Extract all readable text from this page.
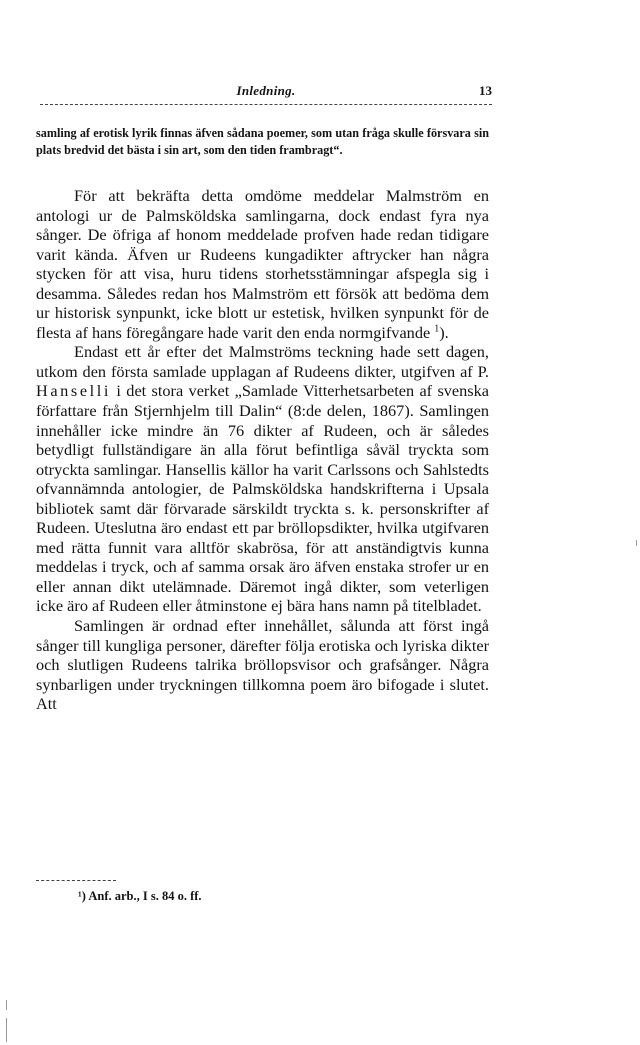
Inledning.	13

samling af erotisk lyrik finnas äfven sådana poemer, som utan fråga skulle försvara sin plats bredvid det bästa i sin art, som den tiden frambragt“.

För att bekräfta detta omdöme meddelar Malmström en antologi ur de Palmsköldska samlingarna, dock endast fyra nya sånger. De öfriga af honom meddelade profven hade redan tidigare varit kända. Äfven ur Rudeens kungadikter aftrycker han några stycken för att visa, huru tidens storhetsstämningar afspegla sig i desamma. Således redan hos Malmström ett försök att bedöma dem ur historisk synpunkt, icke blott ur estetisk, hvilken synpunkt för de flesta af hans föregångare hade varit den enda normgifvande $^1$).

Endast ett år efter det Malmströms teckning hade sett dagen, utkom den första samlade upplagan af Rudeens dikter, utgifven af P. Hanselli i det stora verket „Samlade Vitterhetsarbeten af svenska författare från Stjernhjelm till Dalin“ (8:de delen, 1867). Samlingen innehåller icke mindre än 76 dikter af Rudeen, och är således betydligt fullständigare än alla förut befintliga såväl tryckta som otryckta samlingar. Hansellis källor ha varit Carlssons och Sahlstedts ofvannämnda antologier, de Palmsköldska handskrifterna i Upsala bibliotek samt där förvarade särskildt tryckta s. k. personskrifter af Rudeen. Uteslutna äro endast ett par bröllopsdikter, hvilka utgifvaren med rätta funnit vara alltför skabrösa, för att anständigtvis kunna meddelas i tryck, och af samma orsak äro äfven enstaka strofer ur en eller annan dikt utelämnade. Däremot ingå dikter, som veterligen icke äro af Rudeen eller åtminstone ej bära hans namn på titelbladet.

Samlingen är ordnad efter innehållet, sålunda att först ingå sånger till kungliga personer, därefter följa erotiska och lyriska dikter och slutligen Rudeens talrika bröllopsvisor och grafsånger. Några synbarligen under tryckningen tillkomna poem äro bifogade i slutet. Att

¹) Anf. arb., I s. 84 o. ff.
